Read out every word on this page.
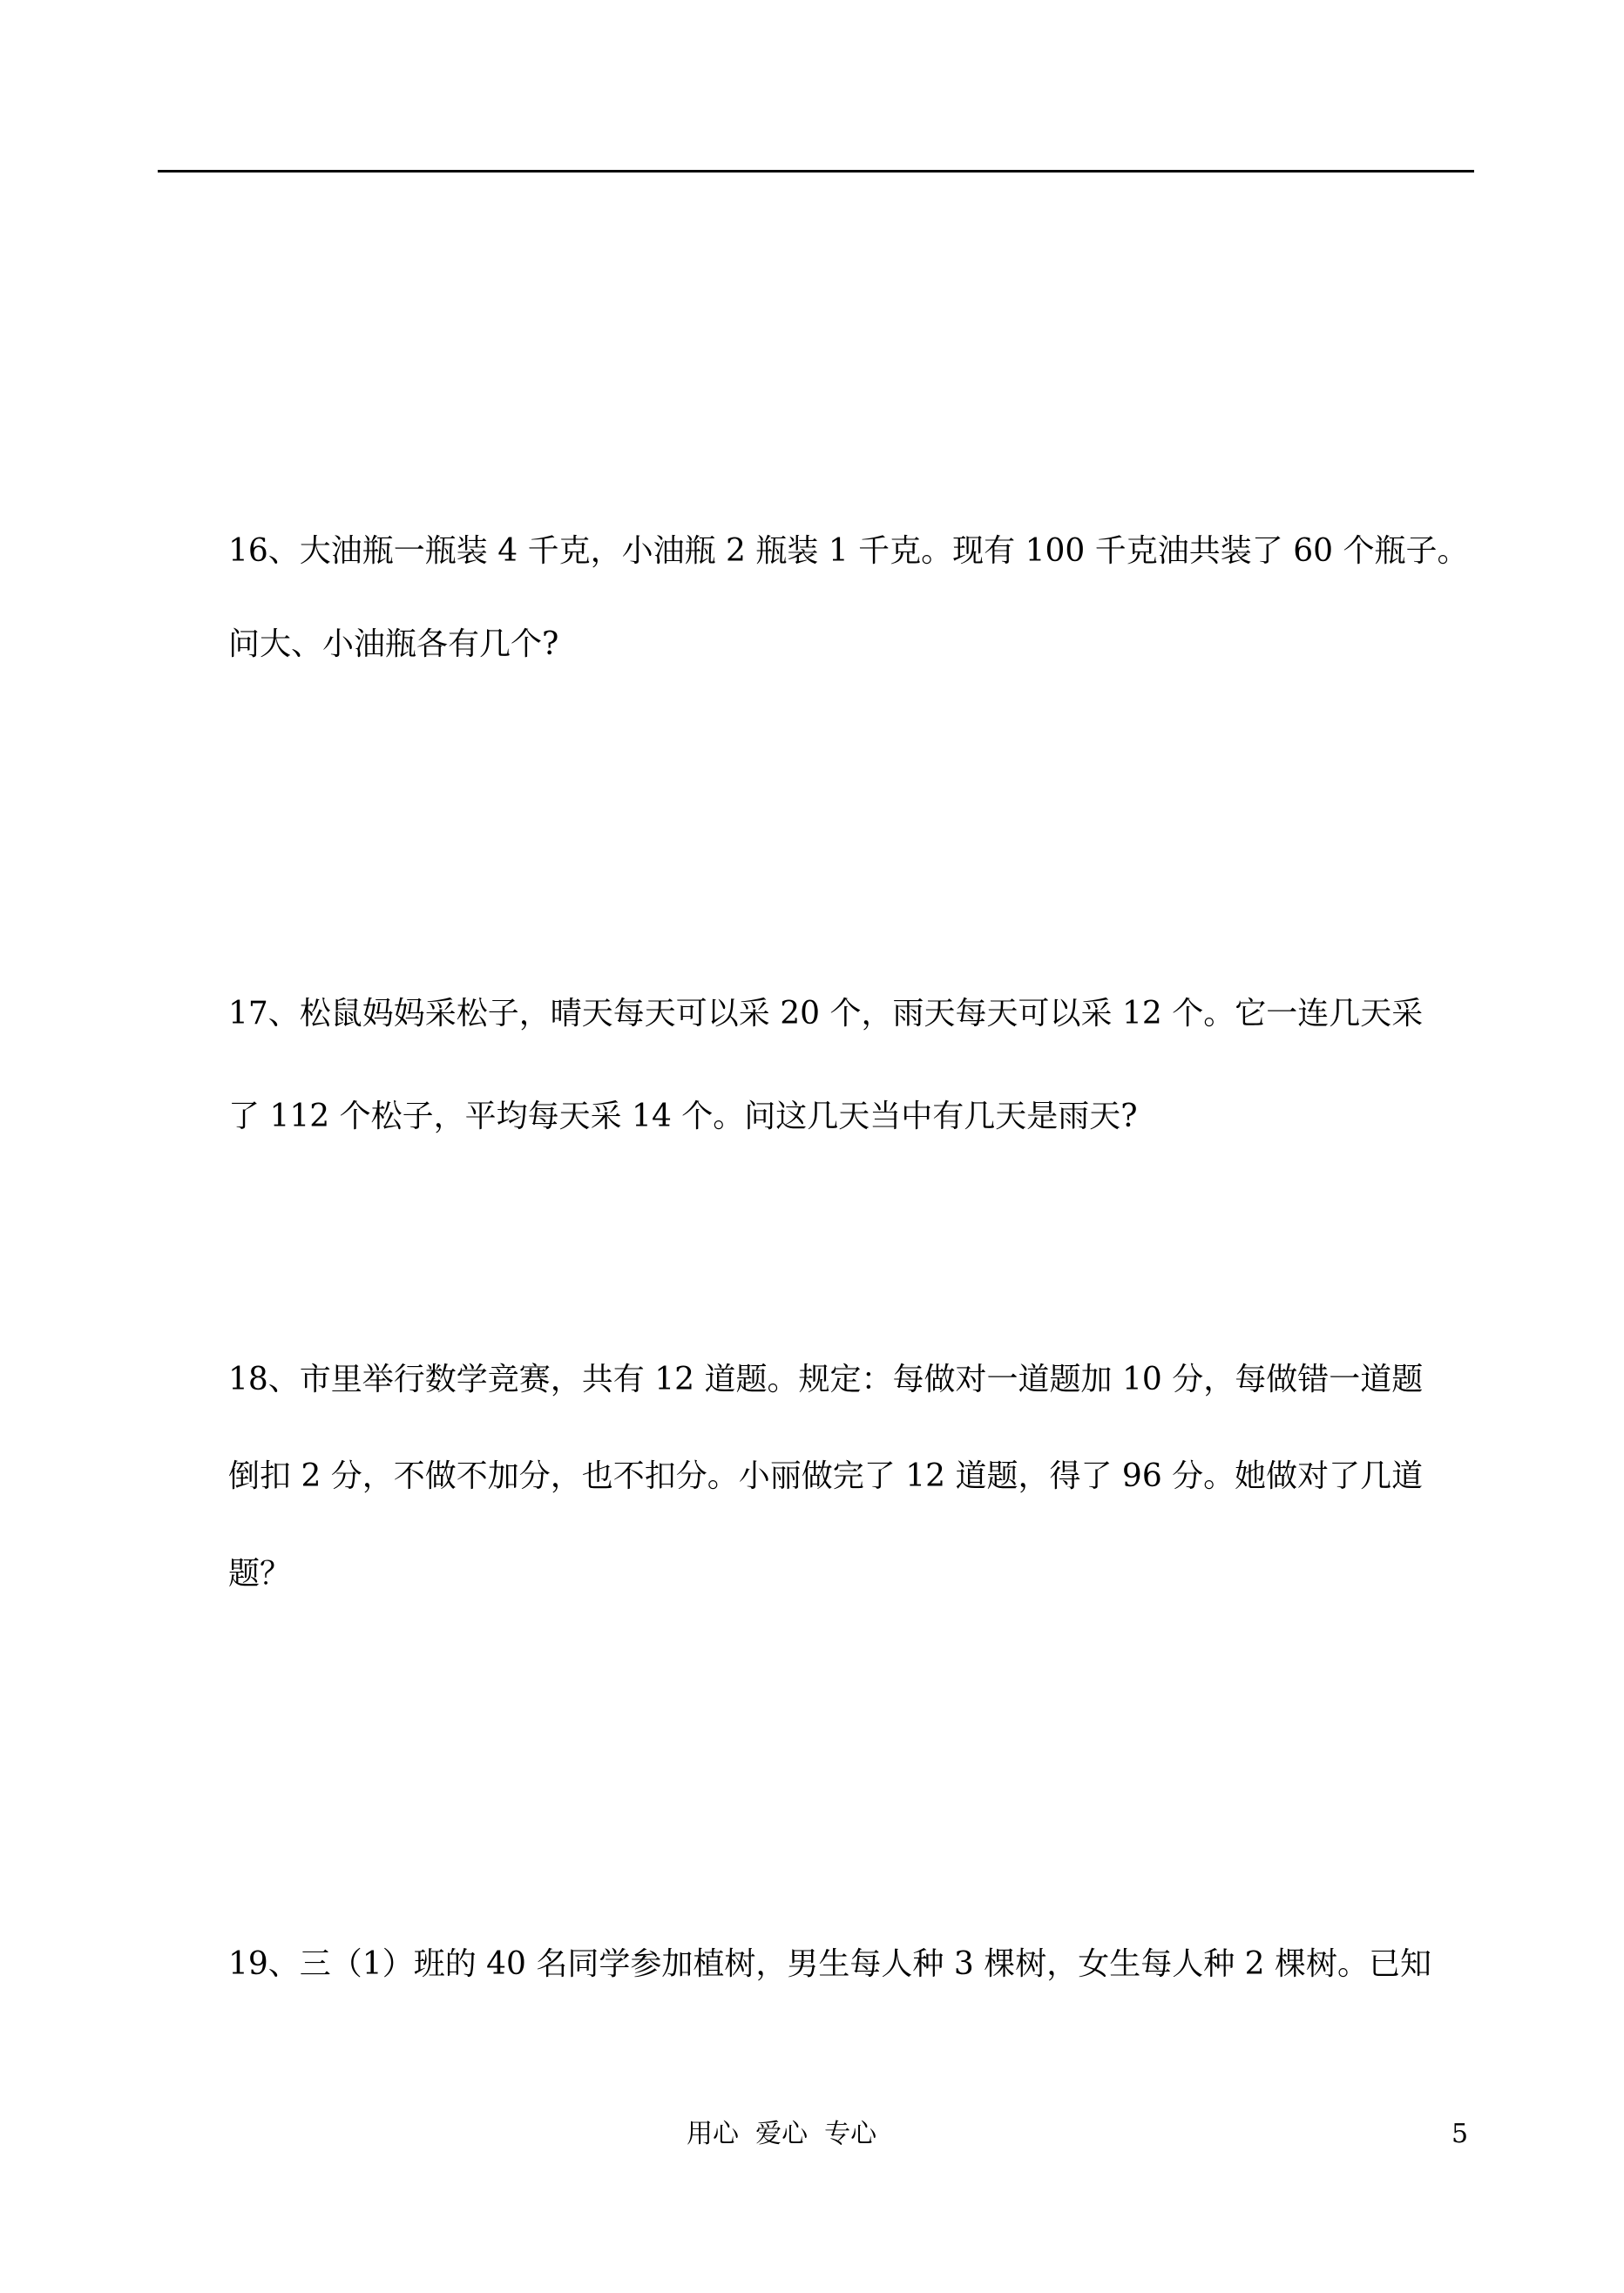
16、大油瓶一瓶装 4 千克，小油瓶 2 瓶装 1 千克。现有 100 千克油共装了 60 个瓶子。

问大、小油瓶各有几个?

17、松鼠妈妈采松子，晴天每天可以采 20 个，雨天每天可以采 12 个。它一连几天采

了 112 个松子，平均每天采 14 个。问这几天当中有几天是雨天?

18、市里举行数学竞赛，共有 12 道题。规定：每做对一道题加 10 分，每做错一道题

倒扣 2 分，不做不加分，也不扣分。小丽做完了 12 道题，得了 96 分。她做对了几道

题？

19、三（1）班的 40 名同学参加植树，男生每人种 3 棵树，女生每人种 2 棵树。已知

用心  爱心  专心	5
